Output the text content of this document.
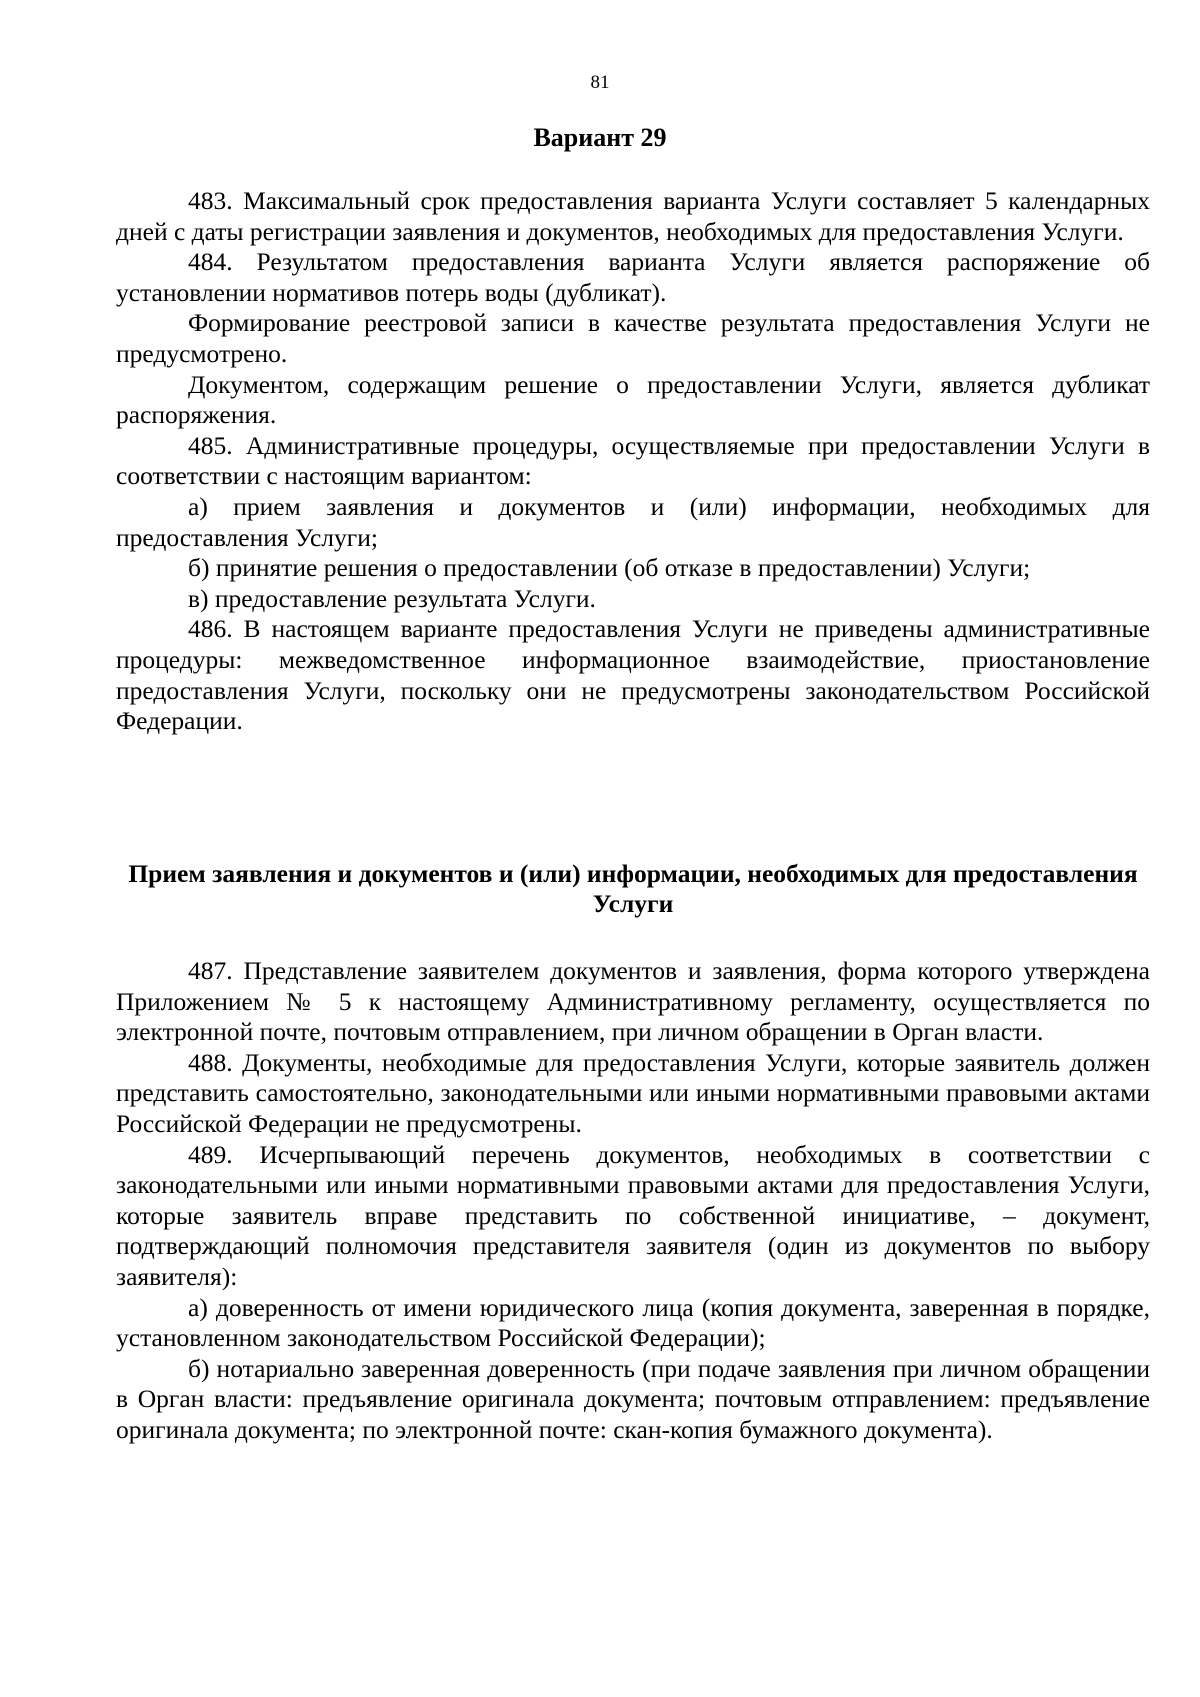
81
Вариант 29

483. Максимальный срок предоставления варианта Услуги составляет 5 календарных дней с даты регистрации заявления и документов, необходимых для предоставления Услуги.

484. Результатом предоставления варианта Услуги является распоряжение об установлении нормативов потерь воды (дубликат).

Формирование реестровой записи в качестве результата предоставления Услуги не предусмотрено.

Документом, содержащим решение о предоставлении Услуги, является дубликат распоряжения.

485. Административные процедуры, осуществляемые при предоставлении Услуги в соответствии с настоящим вариантом:

а) прием заявления и документов и (или) информации, необходимых для предоставления Услуги;

б) принятие решения о предоставлении (об отказе в предоставлении) Услуги;

в) предоставление результата Услуги.

486. В настоящем варианте предоставления Услуги не приведены административные процедуры: межведомственное информационное взаимодействие, приостановление предоставления Услуги, поскольку они не предусмотрены законодательством Российской Федерации.

Прием заявления и документов и (или) информации, необходимых для предоставления Услуги

487. Представление заявителем документов и заявления, форма которого утверждена Приложением № 5 к настоящему Административному регламенту, осуществляется по электронной почте, почтовым отправлением, при личном обращении в Орган власти.

488. Документы, необходимые для предоставления Услуги, которые заявитель должен представить самостоятельно, законодательными или иными нормативными правовыми актами Российской Федерации не предусмотрены.

489. Исчерпывающий перечень документов, необходимых в соответствии с законодательными или иными нормативными правовыми актами для предоставления Услуги, которые заявитель вправе представить по собственной инициативе, – документ, подтверждающий полномочия представителя заявителя (один из документов по выбору заявителя):

а) доверенность от имени юридического лица (копия документа, заверенная в порядке, установленном законодательством Российской Федерации);

б) нотариально заверенная доверенность (при подаче заявления при личном обращении в Орган власти: предъявление оригинала документа; почтовым отправлением: предъявление оригинала документа; по электронной почте: скан-копия бумажного документа).
